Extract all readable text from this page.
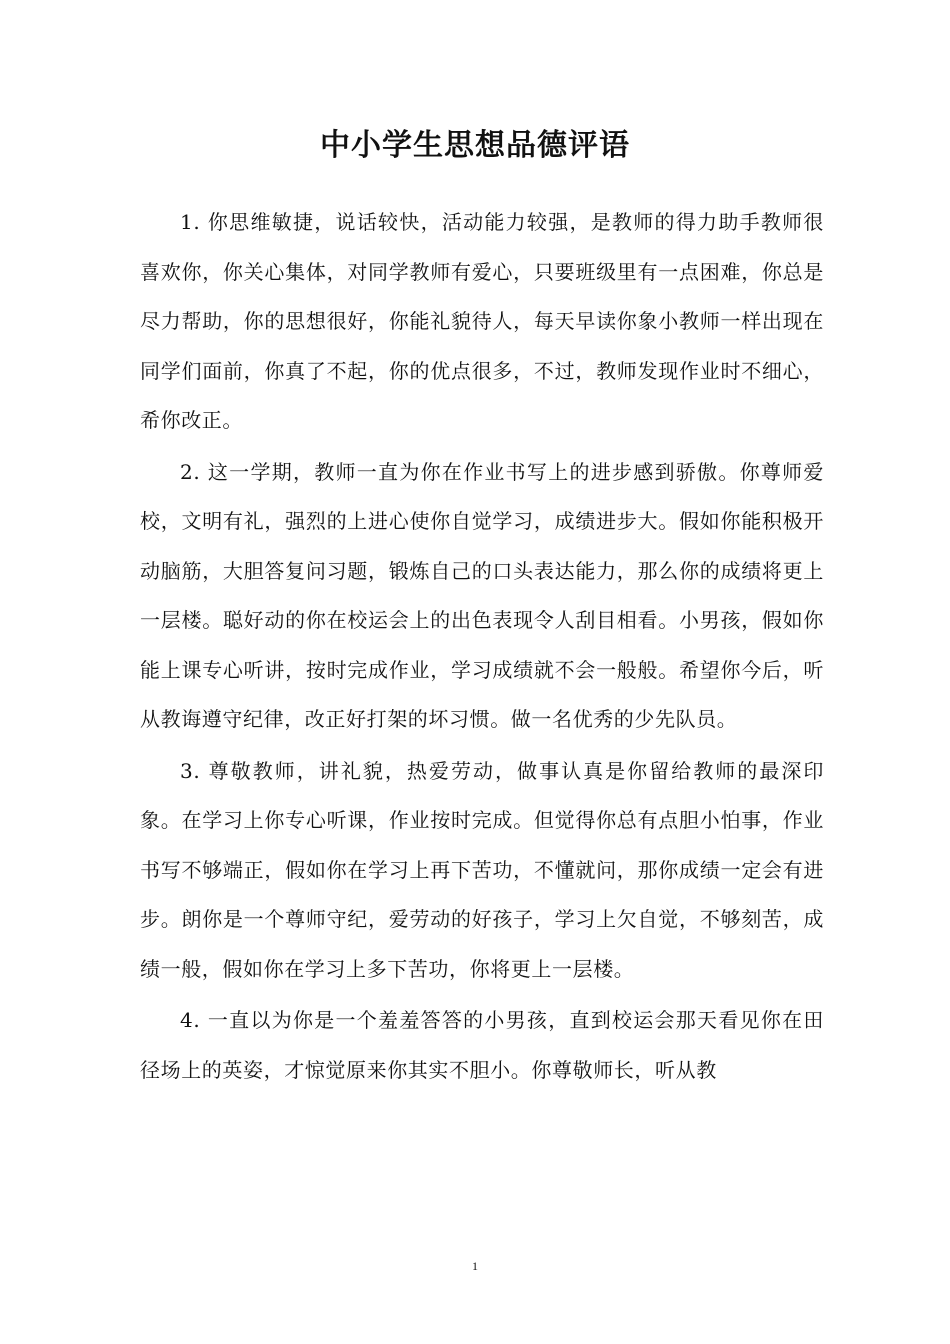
中小学生思想品德评语

1. 你思维敏捷，说话较快，活动能力较强，是教师的得力助手教师很喜欢你，你关心集体，对同学教师有爱心，只要班级里有一点困难，你总是尽力帮助，你的思想很好，你能礼貌待人，每天早读你象小教师一样出现在同学们面前，你真了不起，你的优点很多，不过，教师发现作业时不细心，希你改正。

2. 这一学期，教师一直为你在作业书写上的进步感到骄傲。你尊师爱校，文明有礼，强烈的上进心使你自觉学习，成绩进步大。假如你能积极开动脑筋，大胆答复问习题，锻炼自己的口头表达能力，那么你的成绩将更上一层楼。聪好动的你在校运会上的出色表现令人刮目相看。小男孩，假如你能上课专心听讲，按时完成作业，学习成绩就不会一般般。希望你今后，听从教诲遵守纪律，改正好打架的坏习惯。做一名优秀的少先队员。

3. 尊敬教师，讲礼貌，热爱劳动，做事认真是你留给教师的最深印象。在学习上你专心听课，作业按时完成。但觉得你总有点胆小怕事，作业书写不够端正，假如你在学习上再下苦功，不懂就问，那你成绩一定会有进步。朗你是一个尊师守纪，爱劳动的好孩子，学习上欠自觉，不够刻苦，成绩一般，假如你在学习上多下苦功，你将更上一层楼。

4. 一直以为你是一个羞羞答答的小男孩，直到校运会那天看见你在田径场上的英姿，才惊觉原来你其实不胆小。你尊敬师长，听从教

1
